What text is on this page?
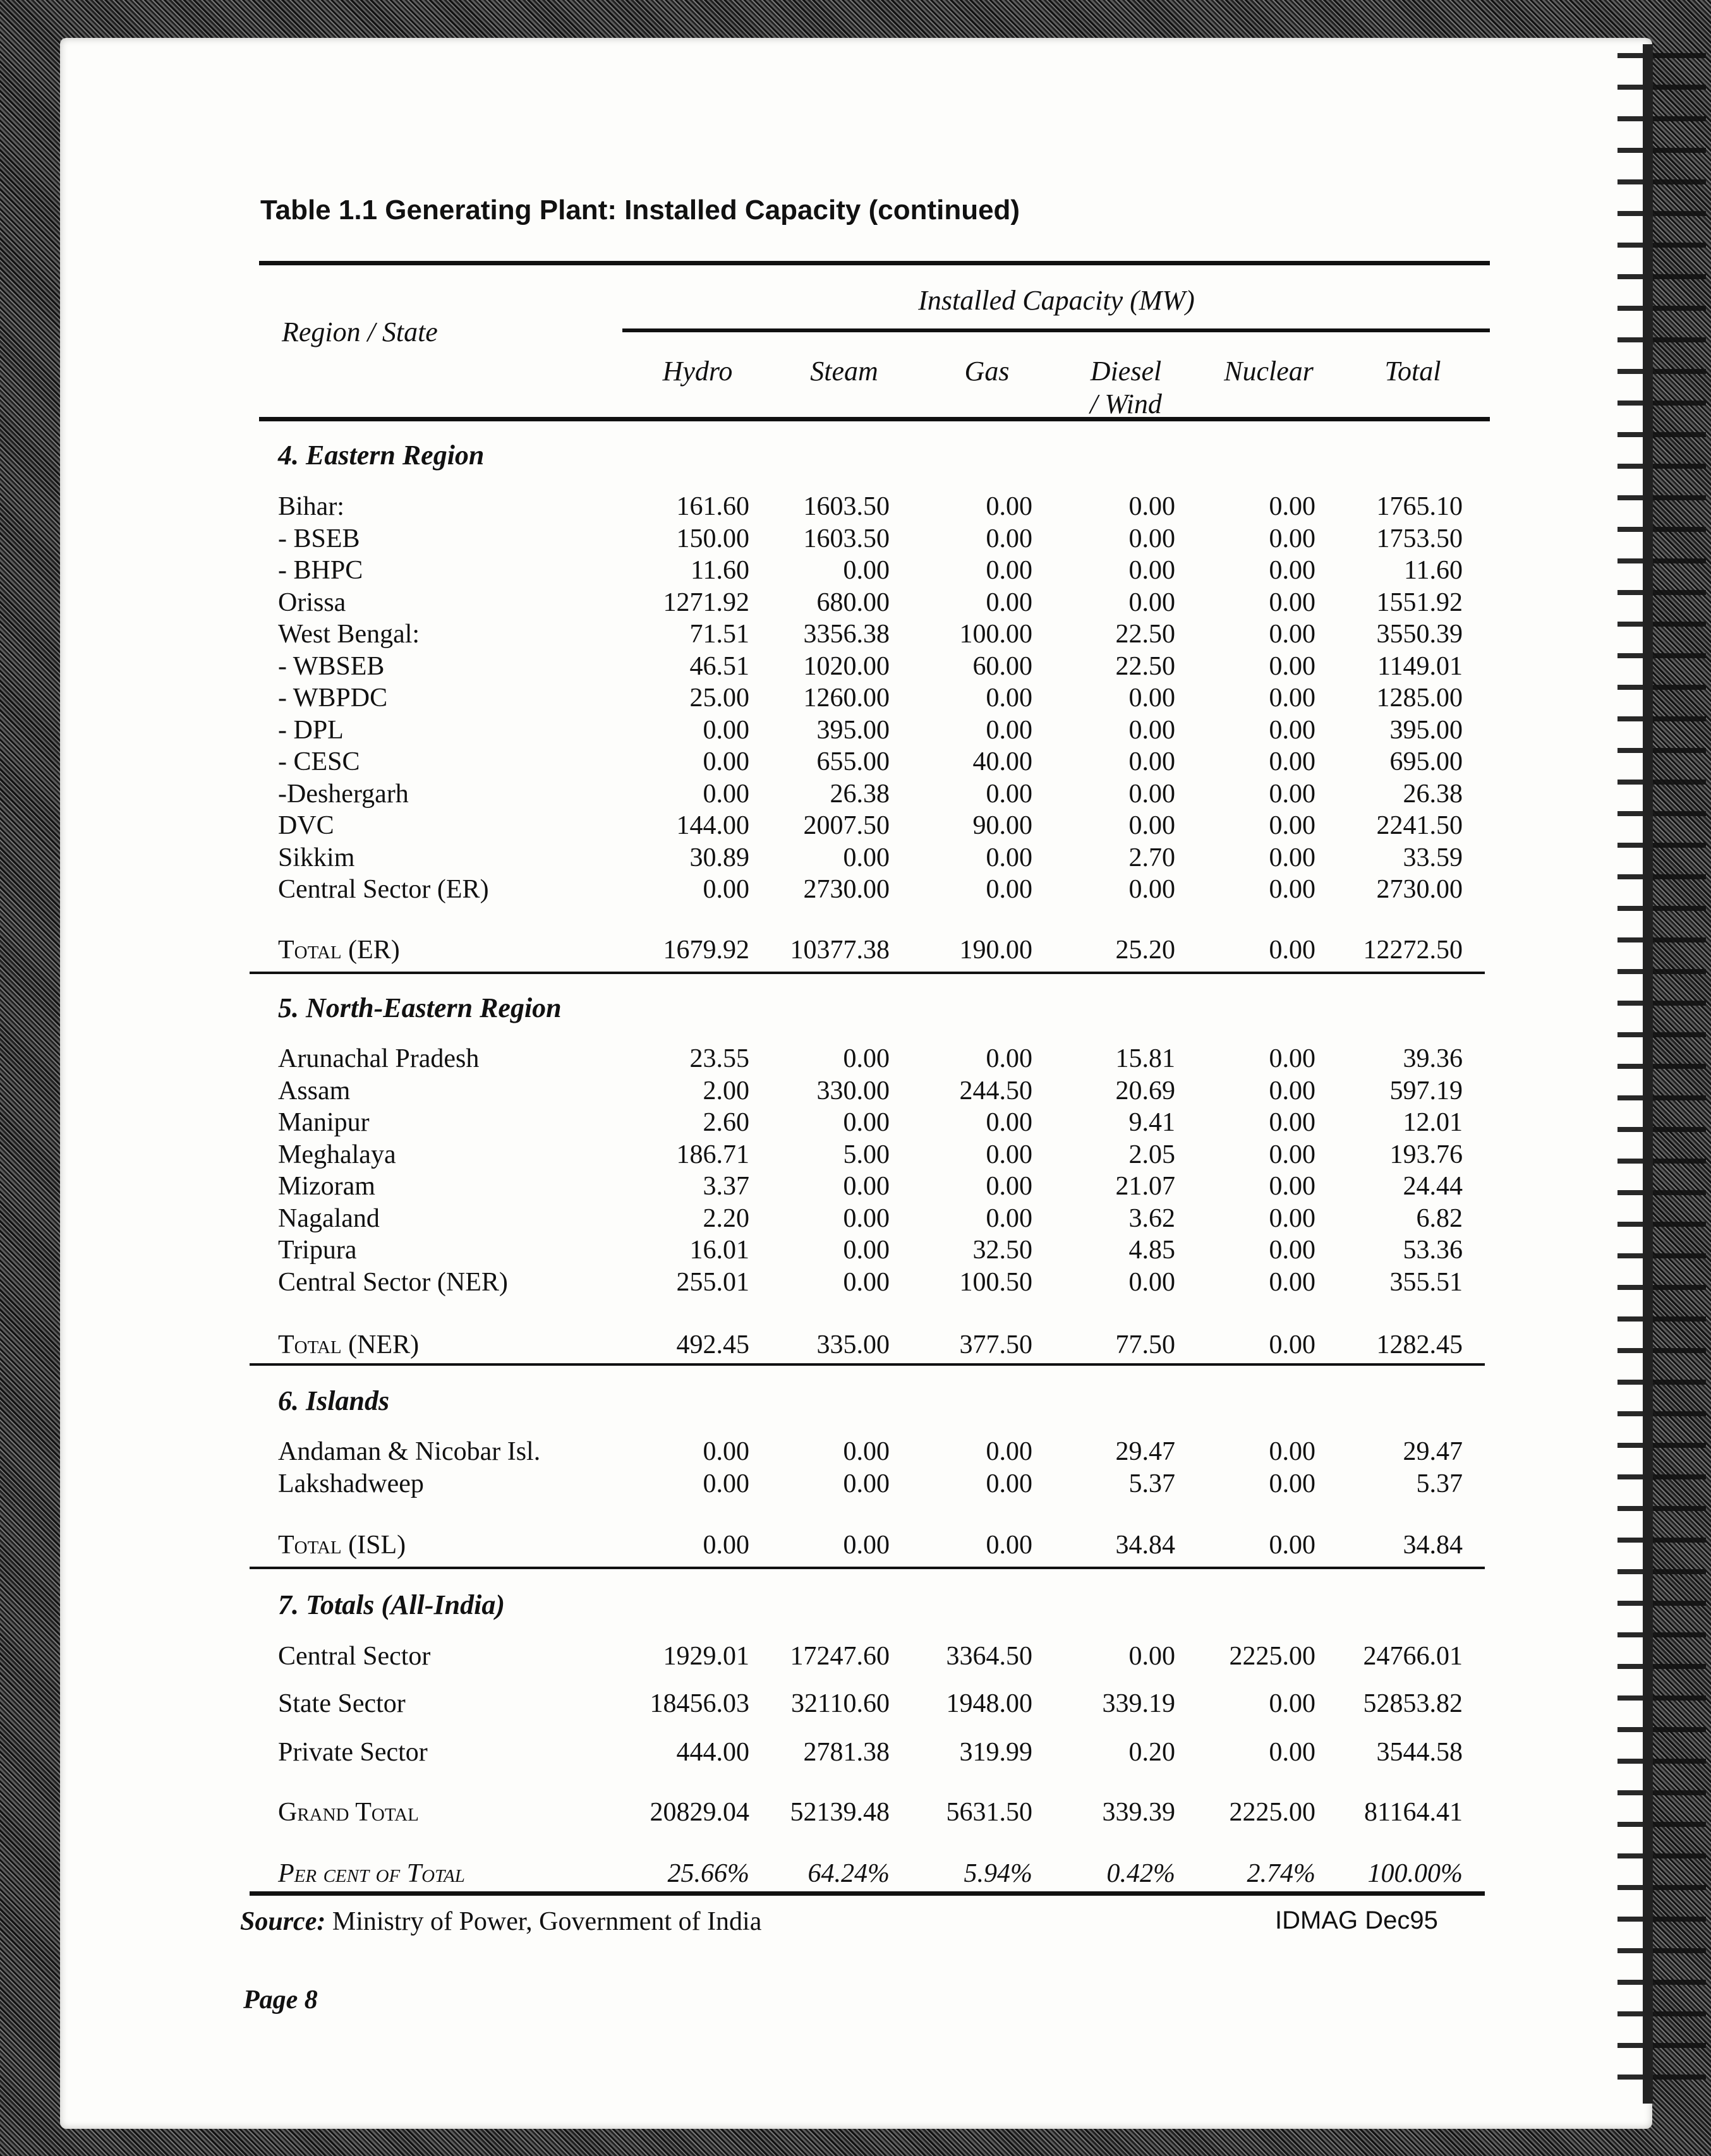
Table 1.1 Generating Plant: Installed Capacity (continued)
Region / State
Installed Capacity (MW)
Hydro	Steam	Gas	Diesel / Wind
Nuclear	Total
4. Eastern Region
Bihar:	161.60 1603.50	0.00	0.00	0.00 1765.10
- BSEB	150.00 1603.50	0.00	0.00	0.00 1753.50
- BHPC	11.60	0.00	0.00	0.00	0.00	11.60
Orissa	1271.92	680.00	0.00	0.00	0.00 1551.92
West Bengal:	71.51 3356.38	100.00	22.50	0.00 3550.39
- WBSEB	46.51 1020.00	60.00	22.50	0.00 1149.01
- WBPDC	25.00 1260.00	0.00	0.00	0.00 1285.00
- DPL	0.00	395.00	0.00	0.00	0.00	395.00
- CESC	0.00	655.00	40.00	0.00	0.00	695.00
-Deshergarh	0.00	26.38	0.00	0.00	0.00	26.38
DVC	144.00 2007.50	90.00	0.00	0.00 2241.50
Sikkim	30.89	0.00	0.00	2.70	0.00	33.59
Central Sector (ER)	0.00 2730.00	0.00	0.00	0.00 2730.00
Total (ER)	1679.92 10377.38	190.00	25.20	0.00 12272.50
5. North-Eastern Region
Arunachal Pradesh	23.55	0.00	0.00	15.81	0.00	39.36
Assam	2.00	330.00	244.50	20.69	0.00	597.19
Manipur	2.60	0.00	0.00	9.41	0.00	12.01
Meghalaya	186.71	5.00	0.00	2.05	0.00	193.76
Mizoram	3.37	0.00	0.00	21.07	0.00	24.44
Nagaland	2.20	0.00	0.00	3.62	0.00	6.82
Tripura	16.01	0.00	32.50	4.85	0.00	53.36
Central Sector (NER)	255.01	0.00	100.50	0.00	0.00	355.51
Total (NER)	492.45	335.00	377.50	77.50	0.00 1282.45
6. Islands
Andaman & Nicobar Isl.	0.00	0.00	0.00	29.47	0.00	29.47
Lakshadweep	0.00	0.00	0.00	5.37	0.00	5.37
Total (ISL)	0.00	0.00	0.00	34.84	0.00	34.84
7. Totals (All-India)
Central Sector	1929.01 17247.60 3364.50	0.00 2225.00 24766.01
State Sector	18456.03 32110.60 1948.00	339.19	0.00 52853.82
Private Sector	444.00 2781.38	319.99	0.20	0.00 3544.58
Grand Total	20829.04 52139.48 5631.50	339.39 2225.00 81164.41
Per cent of Total	25.66% 64.24%	5.94%	0.42%	2.74% 100.00%
Source: Ministry of Power, Government of India	IDMAG Dec95
Page 8
